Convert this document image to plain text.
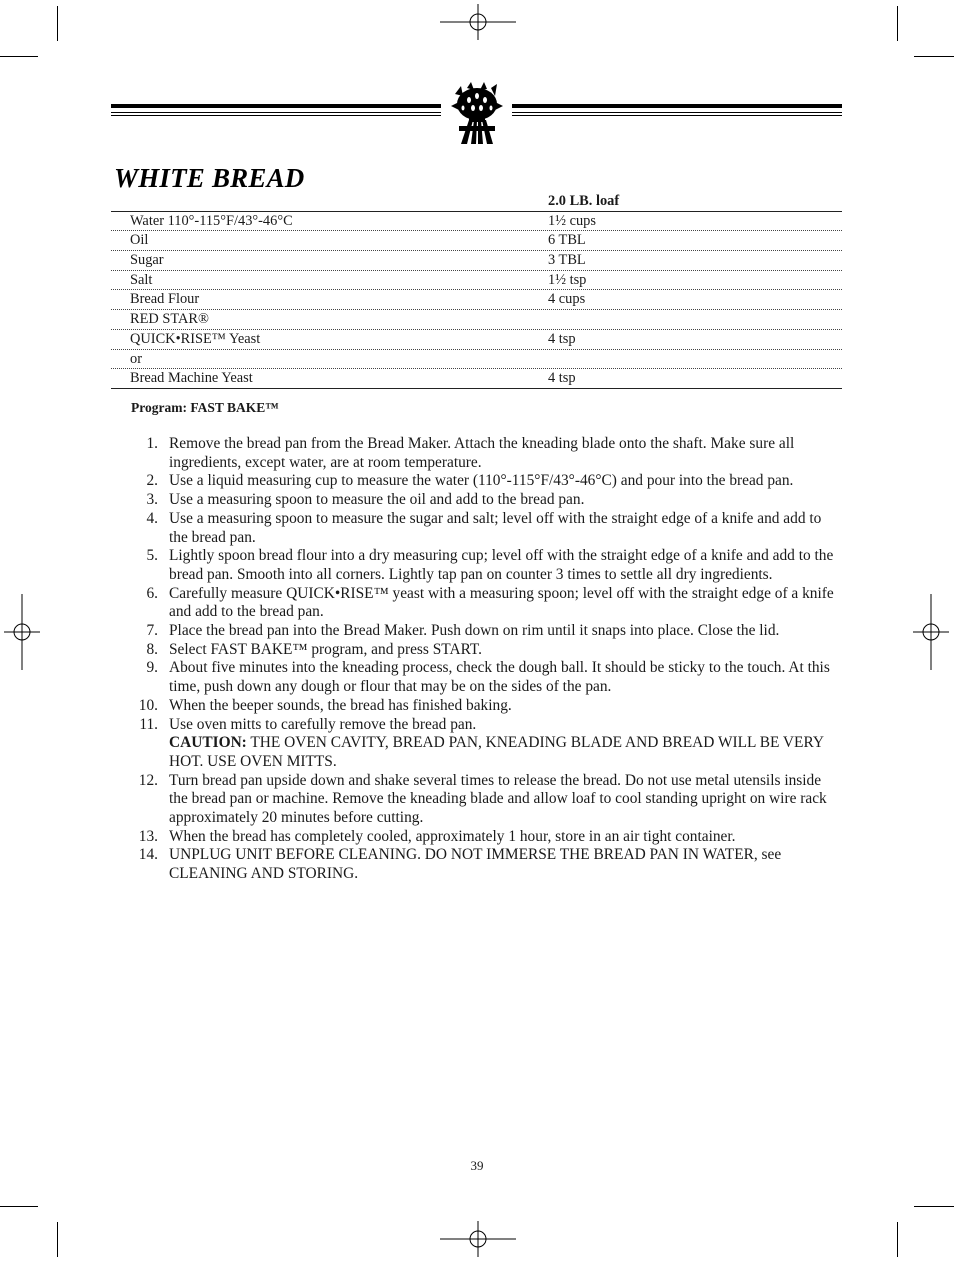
WHITE BREAD
2.0 LB. loaf
Water 110°-115°F/43°-46°C	1½ cups
Oil	6 TBL
Sugar	3 TBL
Salt	1½ tsp
Bread Flour	4 cups
RED STAR®
QUICK•RISE™ Yeast	4 tsp
or
Bread Machine Yeast	4 tsp
Program: FAST BAKE™
1. Remove the bread pan from the Bread Maker. Attach the kneading blade onto the shaft. Make sure all ingredients, except water, are at room temperature.
2. Use a liquid measuring cup to measure the water (110°-115°F/43°-46°C) and pour into the bread pan.
3. Use a measuring spoon to measure the oil and add to the bread pan.
4. Use a measuring spoon to measure the sugar and salt; level off with the straight edge of a knife and add to the bread pan.
5. Lightly spoon bread flour into a dry measuring cup; level off with the straight edge of a knife and add to the bread pan. Smooth into all corners. Lightly tap pan on counter 3 times to settle all dry ingredients.
6. Carefully measure QUICK•RISE™ yeast with a measuring spoon; level off with the straight edge of a knife and add to the bread pan.
7. Place the bread pan into the Bread Maker. Push down on rim until it snaps into place. Close the lid.
8. Select FAST BAKE™ program, and press START.
9. About five minutes into the kneading process, check the dough ball. It should be sticky to the touch. At this time, push down any dough or flour that may be on the sides of the pan.
10. When the beeper sounds, the bread has finished baking.
11. Use oven mitts to carefully remove the bread pan.
CAUTION: THE OVEN CAVITY, BREAD PAN, KNEADING BLADE AND BREAD WILL BE VERY HOT. USE OVEN MITTS.
12. Turn bread pan upside down and shake several times to release the bread. Do not use metal utensils inside the bread pan or machine. Remove the kneading blade and allow loaf to cool standing upright on wire rack approximately 20 minutes before cutting.
13. When the bread has completely cooled, approximately 1 hour, store in an air tight container.
14. UNPLUG UNIT BEFORE CLEANING. DO NOT IMMERSE THE BREAD PAN IN WATER, see CLEANING AND STORING.
39
